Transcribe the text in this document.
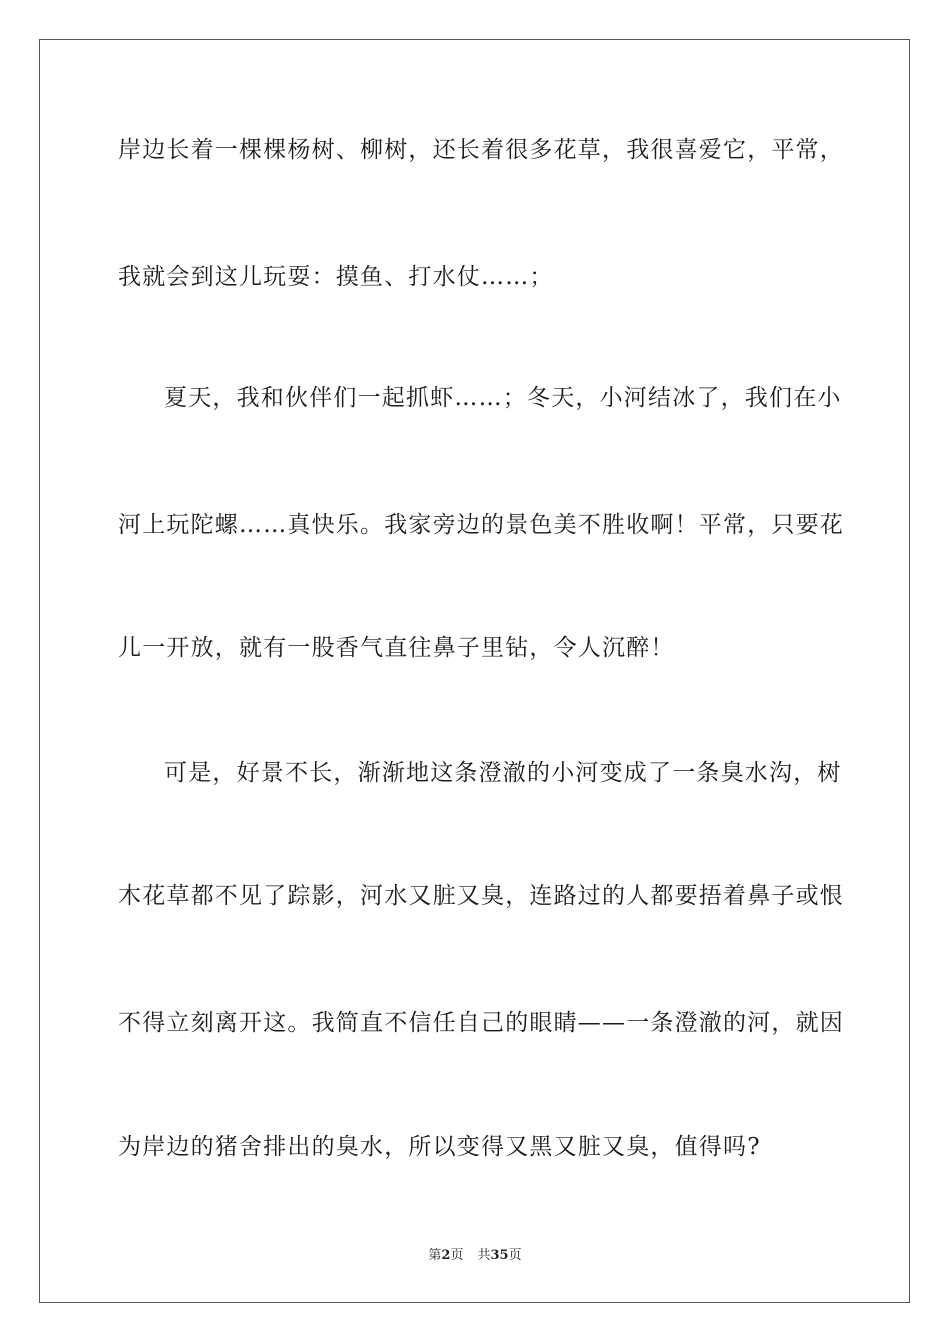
岸边长着一棵棵杨树、柳树，还长着很多花草，我很喜爱它，平常，
我就会到这儿玩耍：摸鱼、打水仗……；
夏天，我和伙伴们一起抓虾……；冬天，小河结冰了，我们在小
河上玩陀螺……真快乐。我家旁边的景色美不胜收啊！平常，只要花
儿一开放，就有一股香气直往鼻子里钻，令人沉醉！
可是，好景不长，渐渐地这条澄澈的小河变成了一条臭水沟，树
木花草都不见了踪影，河水又脏又臭，连路过的人都要捂着鼻子或恨
不得立刻离开这。我简直不信任自己的眼睛——一条澄澈的河，就因
为岸边的猪舍排出的臭水，所以变得又黑又脏又臭，值得吗?
第2页 共35页
